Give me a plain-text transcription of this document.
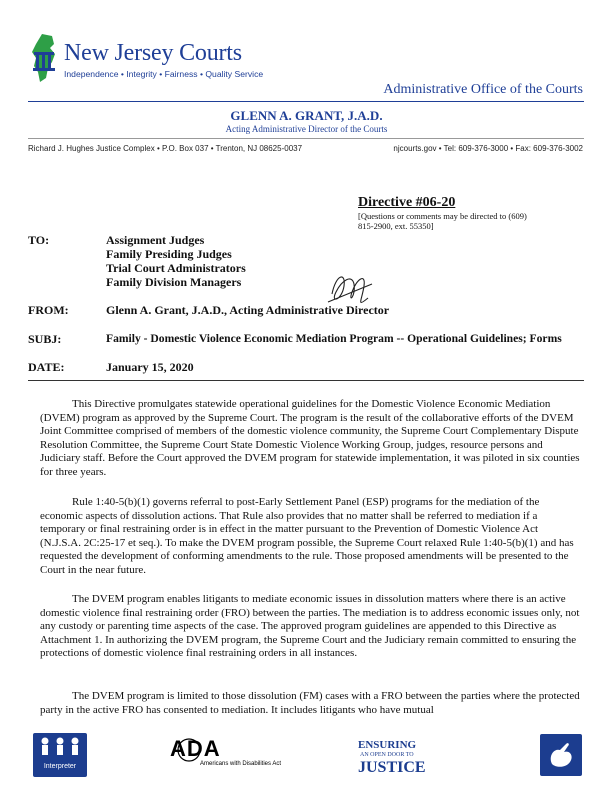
New Jersey Courts
Independence • Integrity • Fairness • Quality Service
Administrative Office of the Courts
GLENN A. GRANT, J.A.D.
Acting Administrative Director of the Courts
Richard J. Hughes Justice Complex • P.O. Box 037 • Trenton, NJ 08625-0037	njcourts.gov • Tel: 609-376-3000 • Fax: 609-376-3002
Directive #06-20
[Questions or comments may be directed to (609) 815-2900, ext. 55350]
TO:	Assignment Judges
Family Presiding Judges
Trial Court Administrators
Family Division Managers
FROM:	Glenn A. Grant, J.A.D., Acting Administrative Director
SUBJ:	Family - Domestic Violence Economic Mediation Program -- Operational Guidelines; Forms
DATE:	January 15, 2020
This Directive promulgates statewide operational guidelines for the Domestic Violence Economic Mediation (DVEM) program as approved by the Supreme Court. The program is the result of the collaborative efforts of the DVEM Joint Committee comprised of members of the domestic violence community, the Supreme Court Complementary Dispute Resolution Committee, the Supreme Court State Domestic Violence Working Group, judges, resource persons and Judiciary staff. Before the Court approved the DVEM program for statewide implementation, it was piloted in six counties for three years.
Rule 1:40-5(b)(1) governs referral to post-Early Settlement Panel (ESP) programs for the mediation of the economic aspects of dissolution actions. That Rule also provides that no matter shall be referred to mediation if a temporary or final restraining order is in effect in the matter pursuant to the Prevention of Domestic Violence Act (N.J.S.A. 2C:25-17 et seq.). To make the DVEM program possible, the Supreme Court relaxed Rule 1:40-5(b)(1) and has requested the development of conforming amendments to the rule. Those proposed amendments will be presented to the Court in the near future.
The DVEM program enables litigants to mediate economic issues in dissolution matters where there is an active domestic violence final restraining order (FRO) between the parties. The mediation is to address economic issues only, not any custody or parenting time aspects of the case. The approved program guidelines are appended to this Directive as Attachment 1. In authorizing the DVEM program, the Supreme Court and the Judiciary remain committed to ensuring the protections of domestic violence final restraining orders in all instances.
The DVEM program is limited to those dissolution (FM) cases with a FRO between the parties where the protected party in the active FRO has consented to mediation. It includes litigants who have mutual
Interpreter
ADA
Americans with Disabilities Act
ENSURING
AN OPEN DOOR TO
JUSTICE
